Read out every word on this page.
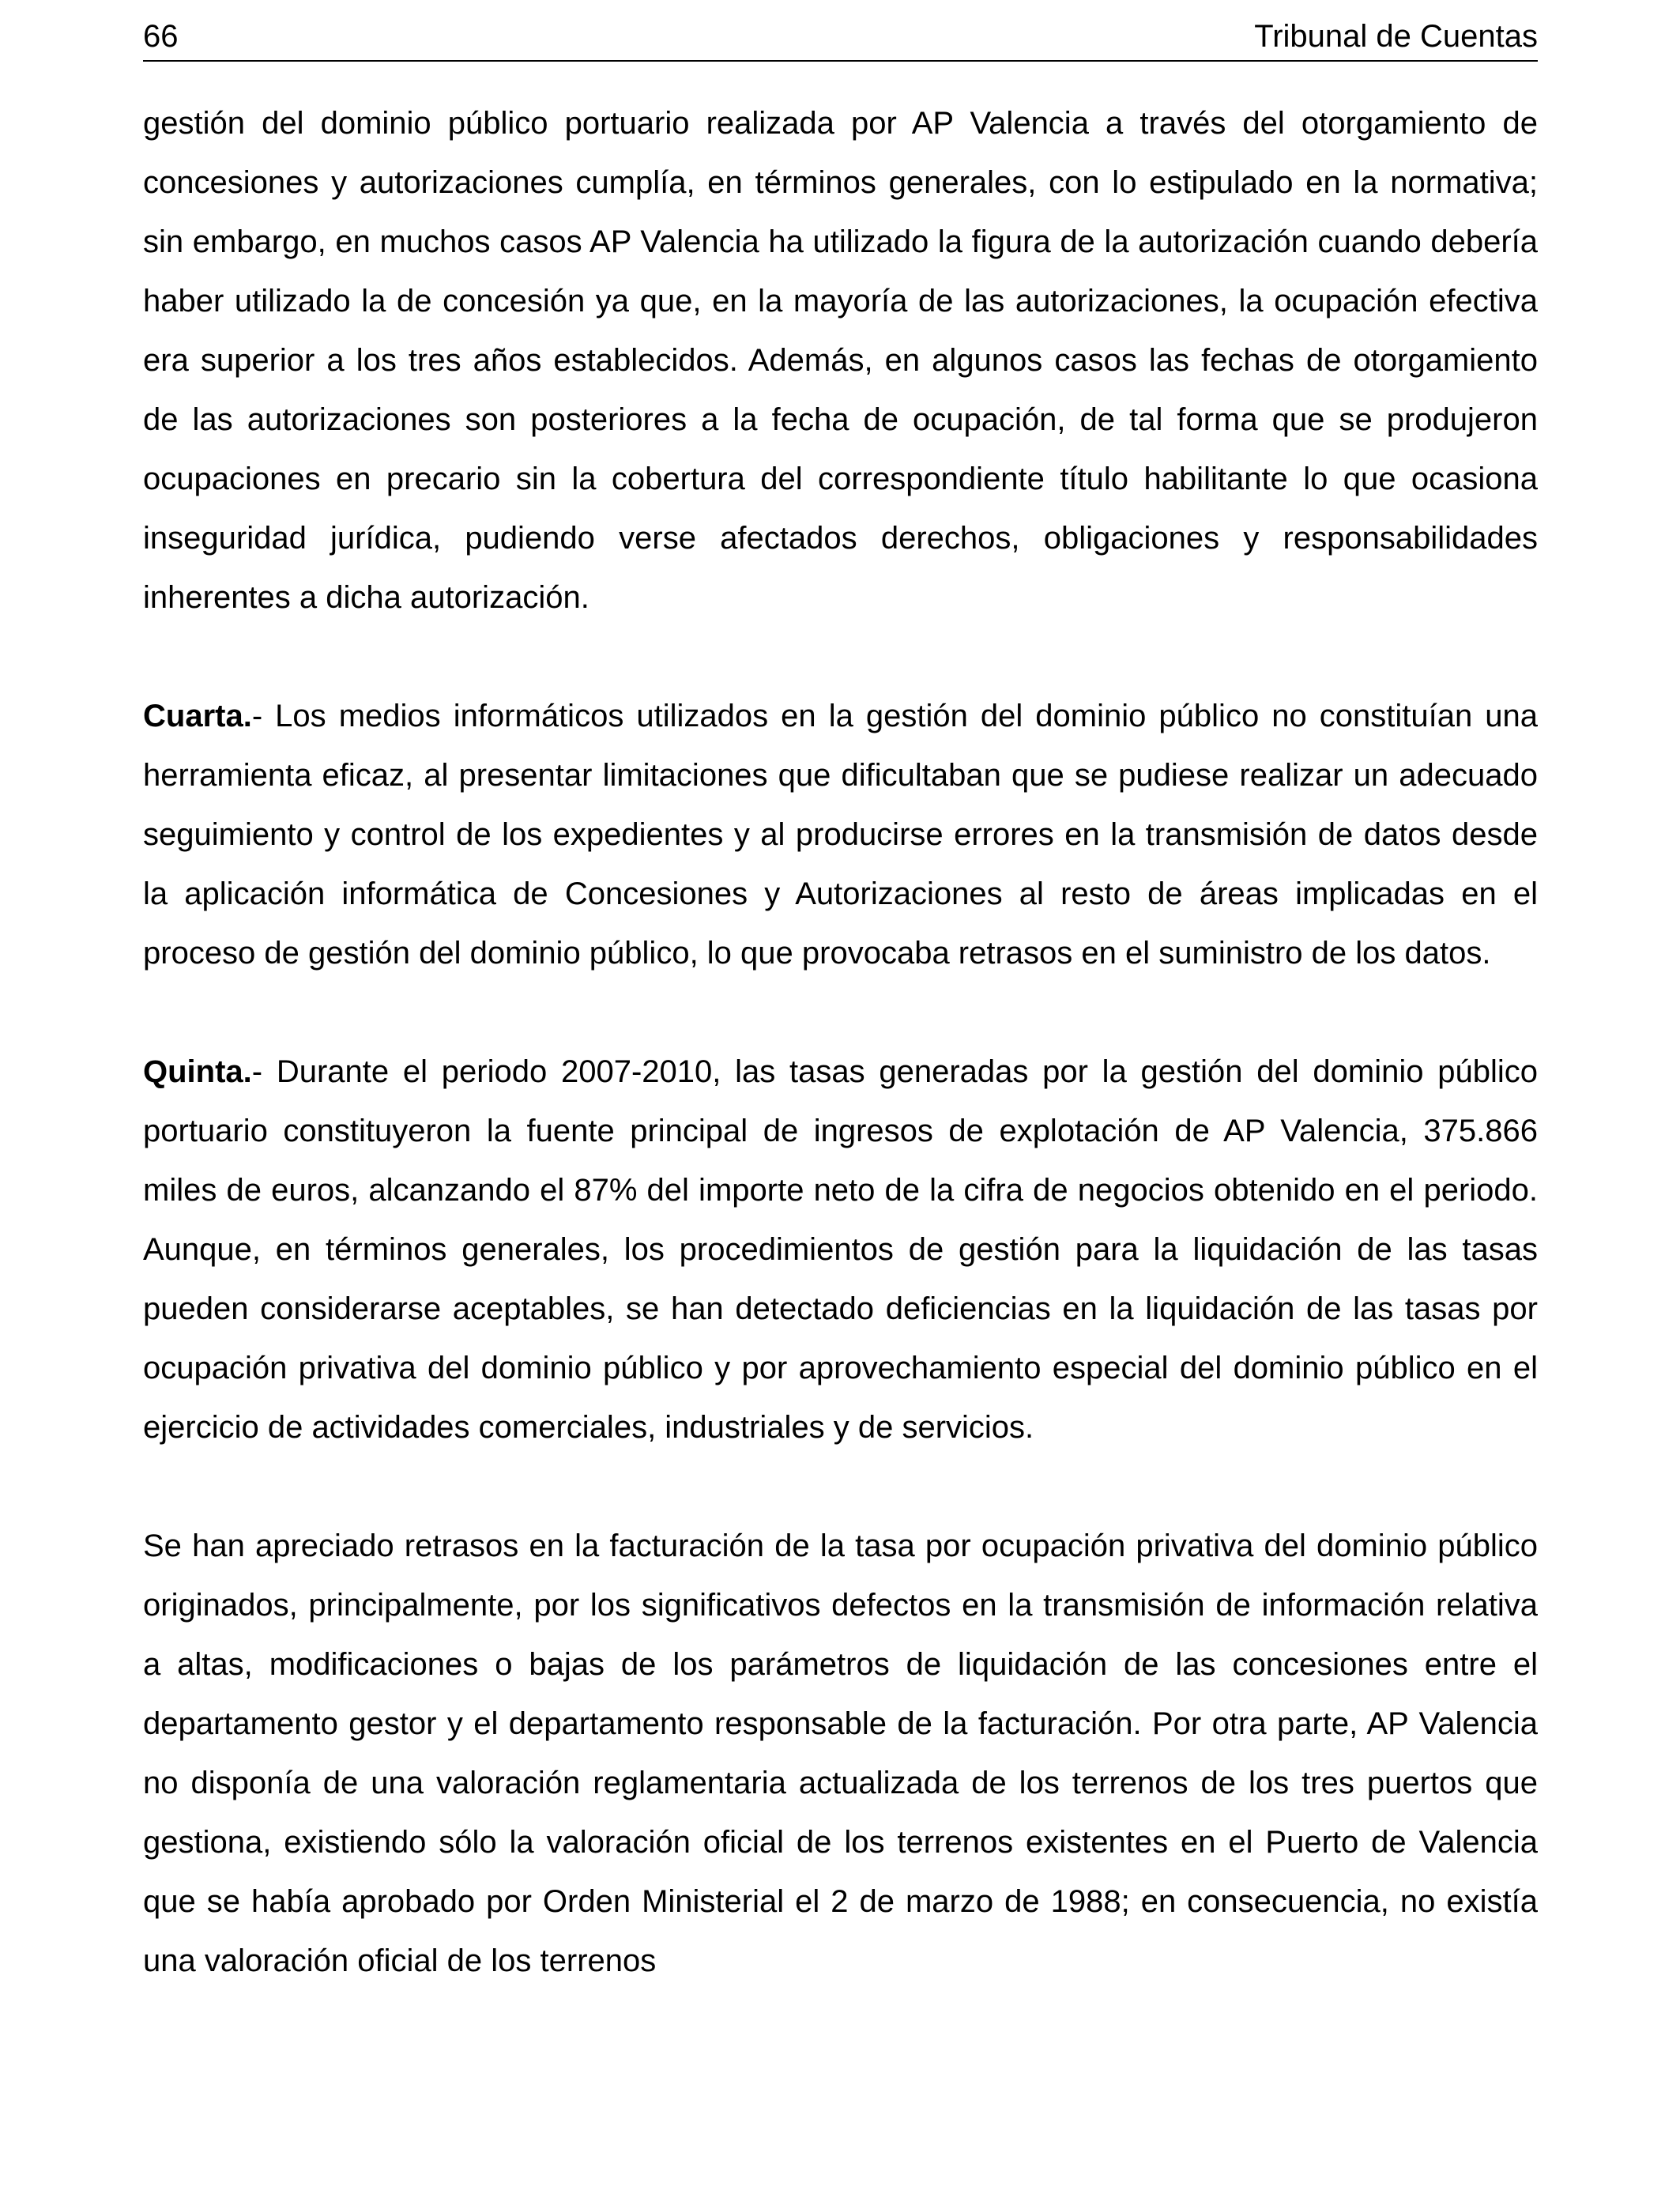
66	Tribunal de Cuentas

gestión del dominio público portuario realizada por AP Valencia a través del otorgamiento de concesiones y autorizaciones cumplía, en términos generales, con lo estipulado en la normativa; sin embargo, en muchos casos AP Valencia ha utilizado la figura de la autorización cuando debería haber utilizado la de concesión ya que, en la mayoría de las autorizaciones, la ocupación efectiva era superior a los tres años establecidos. Además, en algunos casos las fechas de otorgamiento de las autorizaciones son posteriores a la fecha de ocupación, de tal forma que se produjeron ocupaciones en precario sin la cobertura del correspondiente título habilitante lo que ocasiona inseguridad jurídica, pudiendo verse afectados derechos, obligaciones y responsabilidades inherentes a dicha autorización.

Cuarta.- Los medios informáticos utilizados en la gestión del dominio público no constituían una herramienta eficaz, al presentar limitaciones que dificultaban que se pudiese realizar un adecuado seguimiento y control de los expedientes y al producirse errores en la transmisión de datos desde la aplicación informática de Concesiones y Autorizaciones al resto de áreas implicadas en el proceso de gestión del dominio público, lo que provocaba retrasos en el suministro de los datos.

Quinta.- Durante el periodo 2007-2010, las tasas generadas por la gestión del dominio público portuario constituyeron la fuente principal de ingresos de explotación de AP Valencia, 375.866 miles de euros, alcanzando el 87% del importe neto de la cifra de negocios obtenido en el periodo. Aunque, en términos generales, los procedimientos de gestión para la liquidación de las tasas pueden considerarse aceptables, se han detectado deficiencias en la liquidación de las tasas por ocupación privativa del dominio público y por aprovechamiento especial del dominio público en el ejercicio de actividades comerciales, industriales y de servicios.

Se han apreciado retrasos en la facturación de la tasa por ocupación privativa del dominio público originados, principalmente, por los significativos defectos en la transmisión de información relativa a altas, modificaciones o bajas de los parámetros de liquidación de las concesiones entre el departamento gestor y el departamento responsable de la facturación. Por otra parte, AP Valencia no disponía de una valoración reglamentaria actualizada de los terrenos de los tres puertos que gestiona, existiendo sólo la valoración oficial de los terrenos existentes en el Puerto de Valencia que se había aprobado por Orden Ministerial el 2 de marzo de 1988; en consecuencia, no existía una valoración oficial de los terrenos
